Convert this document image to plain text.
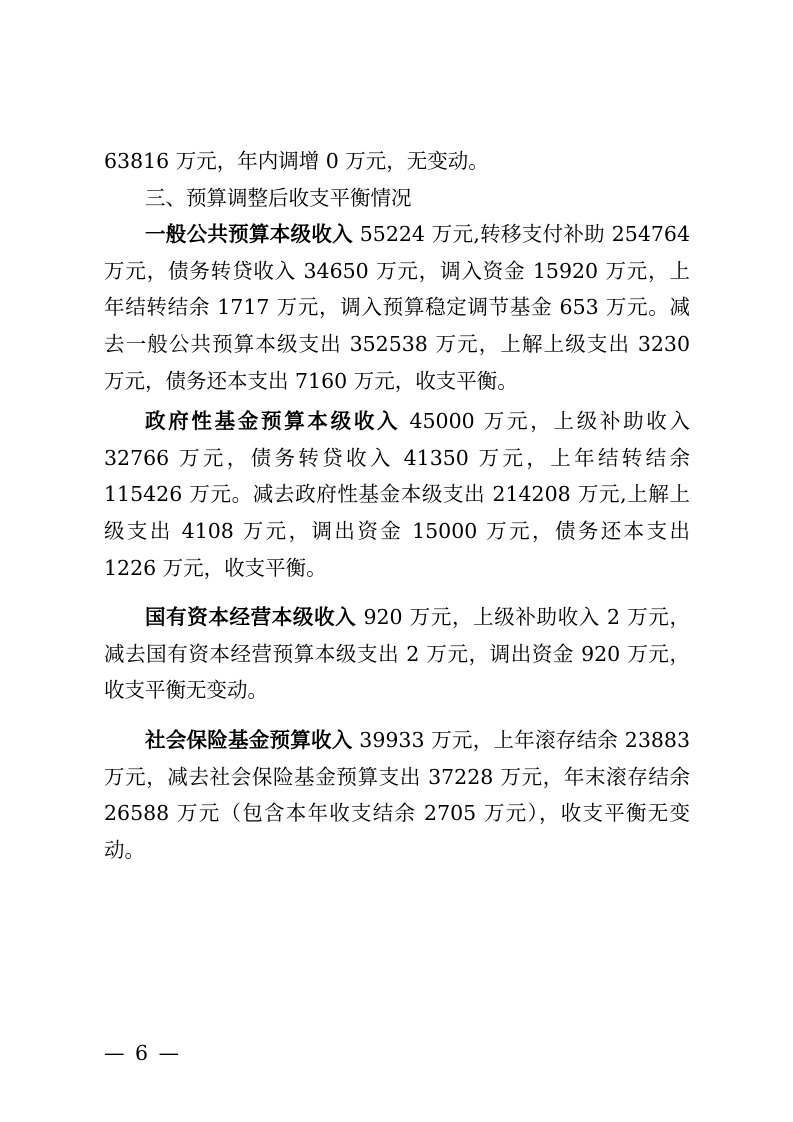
63816 万元，年内调增 0 万元，无变动。

三、预算调整后收支平衡情况

一般公共预算本级收入 55224 万元,转移支付补助 254764 万元，债务转贷收入 34650 万元，调入资金 15920 万元，上年结转结余 1717 万元，调入预算稳定调节基金 653 万元。减去一般公共预算本级支出 352538 万元，上解上级支出 3230 万元，债务还本支出 7160 万元，收支平衡。

政府性基金预算本级收入 45000 万元，上级补助收入 32766 万元，债务转贷收入 41350 万元，上年结转结余 115426 万元。减去政府性基金本级支出 214208 万元,上解上级支出 4108 万元，调出资金 15000 万元，债务还本支出 1226 万元，收支平衡。

国有资本经营本级收入 920 万元，上级补助收入 2 万元，减去国有资本经营预算本级支出 2 万元，调出资金 920 万元，收支平衡无变动。

社会保险基金预算收入 39933 万元，上年滚存结余 23883 万元，减去社会保险基金预算支出 37228 万元，年末滚存结余 26588 万元（包含本年收支结余 2705 万元），收支平衡无变动。

— 6 —
